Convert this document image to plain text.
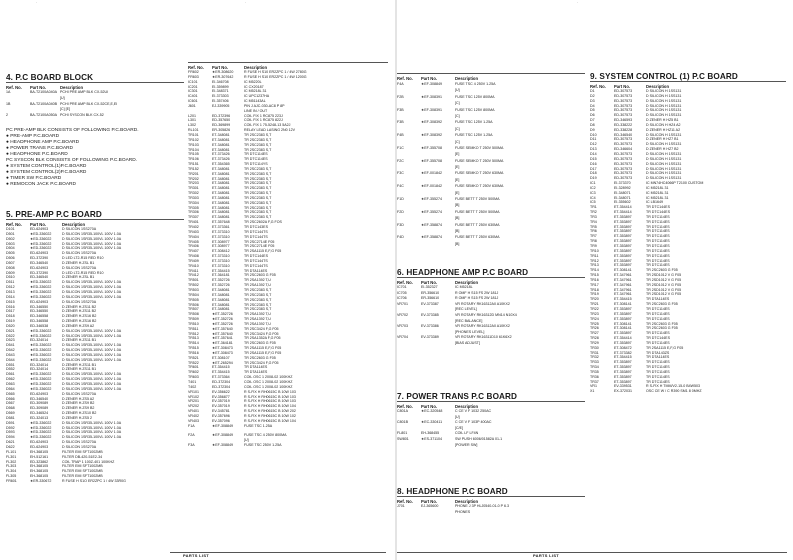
·	·
4. P.C BOARD BLOCK
Ref. No.	Part No.	Description
1A	BA-T2100A040A PCHI PRE AMP BLK CX-52UI
[U]
1B	BA-T2100A040B PCHI PRE AMP BLK CX-52CE,E,EI
[C] [E]
2	BA-T2100A050A PCHI SYSCON BLK CX-52
PC PRE-AMP BLK CONSISTS OF FOLLOWING P.C.BOARD.
● PRE-AMP P.C.BOARD
● HEADPHONE AMP P.C.BOARD
● POWER TRANS P.C.BOARD
● HEADPHONE P.C.BOARD
PC SYSCON BLK CONSISTS OF FOLLOWING P.C.BOARD.
● SYSTEM CONTROL(1)P.C.BOARD
● SYSTEM CONTROL(2)P.C.BOARD
● TIMER SW P.C.BOARD
● REMOCON JACK P.C.BOARD
5. PRE-AMP P.C BOARD
Ref. No.	Part No.	Description
D101	ED-624903	D SILICON 1SS270A
D501	★ED-336022	D SILICON 1SR35-100VL 100V 1.0A
D502	★ED-336022	D SILICON 1SR35-100VL 100V 1.0A
D503	★ED-336022	D SILICON 1SR35-100VL 100V 1.0A
D504	★ED-336022	D SILICON 1SR35-100VL 100V 1.0A
D505	ED-624903	D SILICON 1SS270A
D506	ED-372390	D LED LT2-R15 RED R10
D507	ED-346540	D ZENER H.ZSL B1
D508	ED-624903	D SILICON 1SS270A
D509	ED-372390	D LED LT2-R15 RED R10
D510	ED-346540	D ZENER H.ZSL B1
D511	★ED-336022	D SILICON 1SR35-100VL 100V 1.0A
D512	★ED-336022	D SILICON 1SR35-100VL 100V 1.0A
D513	★ED-336022	D SILICON 1SR35-100VL 100V 1.0A
D514	★ED-336022	D SILICON 1SR35-100VL 100V 1.0A
D515	ED-624903	D SILICON 1SS270A
D516	ED-346550	D ZENER H.ZS11 B2
D517	ED-346550	D ZENER H.ZS11 B2
D518	ED-346558	D ZENER H.ZS16 B2
D519	ED-346558	D ZENER H.ZS16 B2
D520	ED-346538	D ZENER H.ZS9 A2
D521	★ED-336022	D SILICON 1SR35-100VL 100V 1.0A
D522	★ED-336022	D SILICON 1SR35-100VL 100V 1.0A
D523	ED-324014	D ZENER H.ZS11 B1
D541	★ED-336022	D SILICON 1SR35-100VL 100V 1.0A
D542	★ED-336022	D SILICON 1SR35-100VL 100V 1.0A
D543	★ED-336022	D SILICON 1SR35-100VL 100V 1.0A
D544	★ED-336022	D SILICON 1SR35-100VL 100V 1.0A
D551	ED-324014	D ZENER H.ZS11 B1
D552	ED-324014	D ZENER H.ZS11 B1
D561	★ED-336022	D SILICON 1SR35-100VL 100V 1.0A
D562	★ED-336022	D SILICON 1SR35-100VL 100V 1.0A
D563	★ED-336022	D SILICON 1SR35-100VL 100V 1.0A
D564	★ED-336022	D SILICON 1SR35-100VL 100V 1.0A
D565	ED-624903	D SILICON 1SS270A
D566	ED-346540	D ZENER H.ZS5 A2
D567	ED-309089	D ZENER H.ZS9 B2
D568	ED-309089	D ZENER H.ZS9 B2
D569	ED-346524	D ZENER H.ZS10 B2
D581	ED-324013	D ZENER H.ZS5 2
D591	★ED-336022	D SILICON 1SR35-100VL 100V 1.0A
D592	★ED-336022	D SILICON 1SR35-100VL 100V 1.0A
D593	★ED-336022	D SILICON 1SR35-100VL 100V 1.0A
D594	★ED-336022	D SILICON 1SR35-100VL 100V 1.0A
D621	ED-624903	D SILICON 1SS270A
D622	ED-624903	D SILICON 1SS270A
FL101	EH-368105	FILTER EMI SFT1002MB
FL301	EH-512161	FILTER DB-420-51E2-34
FL302	ED-323862	COIL TRAP 1 100Z-401 100KHZ
FL303	EH-368105	FILTER EMI SFT1002MB
FL304	EH-368105	FILTER EMI SFT1002MB
FL305	EH-368105	FILTER EMI SFT1002MB
FR601	★ER-330672	R FUSE H S1O ER2ZPC 1 / 4W 33R0G
Ref. No.	Part No.	Description
FR602	★ER-308620	R FUSE H S10 ER2ZPC 1 / 4W 2780G
FR603	★ER-307642	R FUSE H S10 ER2ZPC 1 / 4W 1200G
IC101	EI-346708	IC M5220L
IC201	EI-359899	IC CX20187
IC301	EI-348371	IC M5218L 31
IC401	EI-373303	IC UPC1237HA
IC601	EI-357406	IC M51143AL
J601	EJ-339905	PIN J AJC-030-AC8 P 8P
LINE IN / OUT
L201	ED-372396	COIL FIX 1 RC875 223J
L301	ED-357650	COIL FIX 1 RC875 822J
L302	ED-369899	COIL FIX 1 75-5248-13 5A2J
RL101	ER-305826	RELAY LEAD LASING 2N0 12V
TR101	ET-348081	TR 2SC2383 S,T
TR102	ET-348081	TR 2SC2383 S,T
TR103	ET-348081	TR 2SC2383 S,T
TR104	ET-348081	TR 2SC2383 S,T
TR105	ET-373426	TR DTC114ES
TR106	ET-373426	TR DTC114ES
TR151	ET-354365	TR DTC114YS
TR152	ET-348081	TR 2SC2383 S,T
TR201	ET-348081	TR 2SC2383 S,T
TR202	ET-348081	TR 2SC2383 S,T
TR203	ET-348081	TR 2SC2383 S,T
TR301	ET-348081	TR 2SC2383 S,T
TR302	ET-348081	TR 2SC2383 S,T
TR303	ET-348081	TR 2SC2383 S,T
TR304	ET-348081	TR 2SC2383 S,T
TR305	ET-348081	TR 2SC2383 S,T
TR306	ET-348081	TR 2SC2383 S,T
TR307	ET-348081	TR 2SC2383 S,T
TR401	ET-357648	TR 2SC2602A F,G FOS
TR402	ET-373361	TR DTC143ES
TR403	ET-373310	TR DTC144TS
TR404	ET-373310	TR DTC144TS
TR405	ET-308977	TR 2SC2714E F05
TR406	ET-308977	TR 2SC2714E F05
TR407	ET-308412	TR 2SA1115 E,F,G F05
TR408	ET-373310	TR DTC144ES
TR409	ET-373310	TR DTC144TS
TR410	ET-373310	TR DTC144TS
TR411	ET-354415	TR DTA114ES
TR412	ET-364181	TR 2SC2603 G F05
TR501	ET-352726	TR 2SA1392 T,U
TR502	ET-352726	TR 2SA1392 T,U
TR503	ET-348081	TR 2SC2383 S,T
TR504	ET-348081	TR 2SC2383 S,T
TR505	ET-348081	TR 2SC2383 S,T
TR506	ET-348081	TR 2SC2383 S,T
TR507	ET-348081	TR 2SC2383 S,T
TR508	★ET-352726	TR 2SA1392 T,U
TR509	★ET-352726	TR 2SA1392 T,U
TR510	★ET-352726	TR 2SA1392 T,U
TR511	★ET-357640	TR 2SC3424 F,G F05
TR512	★ET-357640	TR 2SC3424 F,G F05
TR513	★ET-357641	TR 2SA1352A F,G F05
TR514	★ET-364181	TR 2SC2603 G F05
TR515	★ET-308473	TR 2SA1115 E,F,G F05
TR516	★ET-308473	TR 2SA1115 E,F,G F05
TR521	ET-308107	TR 2SC2603 G F05
TR522	★ET-265294	TR 2SC3424 F,G F05
TR601	ET-354415	TR DTA114ES
TR602	ET-354415	TR DTA114ES
TR603	ET-373364	COIL OSC 1 2008-02 100KHZ
T401	ED-372304	COIL OSC 1 2008-02 100KHZ
T402	ED-372304	COIL OSC 1 2008-02 100KHZ
VR101	EV-356622	R S-FIX H RH0615C B 10W 103
VR102	EV-356877	R S-FIX H RH0615C B 10W 103
VR201	EV-357019	R S-FIX H RH0615C B 10W 103
VR202	EV-357019	R S-FIX H RH0615C B 10W 104
VR401	EV-345781	R S-FIX H RH0615C B 10W 202
VR402	EV-357696	R S-FIX H RH0615C B 10W 102
VR403	EV-357096	R S-FIX H RH0615C B 10W 104
F1A	★EF-308849	FUSE TSC 1.25A
F2A	★EF-308849	FUSE TSC 4 250V 800MA
[U]
F3A	★EF-308849	FUSE TSC 250V 1.25A
PARTS LIST
·
Ref. No.	Part No.	Description
F4A	★EF-308849	FUSE TSC 4 250V 1.25A
[U]
F2B	★EF-308391	FUSE TSC 125V 800MA
[C]
F3B	★EF-308391	FUSE TSC 125V 800MA
[C]
F3B	★EF-308392	FUSE TSC 125V 1.25A
[C]
F4B	★EF-308392	FUSE TSC 125V 1.25A
[C]
F1C	★EF-355708	FUSE SEMKO T 250V 500MA
[E]
F2C	★EF-355708	FUSE SEMKO T 250V 500MA
[E]
F3C	★EF-001842	FUSE SEMKO T 250V 630MA
[E]
F4C	★EF-001842	FUSE SEMKO T 250V 630MA
[E]
F1D	★EF-355274	FUSE BETT T 250V 500MA
[B]
F2D	★EF-355274	FUSE BETT T 250V 500MA
[B]
F3D	★EF-358874	FUSE BETT T 250V 630MA
[B]
F4D	★EF-358874	FUSE BETT T 250V 630MA
[B]
6. HEADPHONE AMP P.C BOARD
Ref. No.	Part No.	Description
IC701	EI-352327	IC M5218L
IC705	ER-356610	R OMF H S15 FS 2W 181J
IC706	ER-356610	R OMF H S15 FS 2W 181J
VR701	EV-373387	VR ROTARY RK16312A0 A10KX2
[REC LEVEL]
VR702	EV-373385	VR ROTARY RK16312D MN14 N10X4
[REC BALANCE]
VR703	EV-373386	VR ROTARY RK16312A0 A10KX2
[PHONES LEVEL]
VR704	EV-373389	VR ROTARY RK16311D10 61K6X2
[BIAS ADJUST]
7. POWER TRANS P.C BOARD
Ref. No.	Part No.	Description
C801A	★EC-320548	C CE V F 1032 250AC
[U]
C801B	★EC-330411	C CE V F 103P 400AC
[C/E]
FL801	EH-368455	COIL LF LF4N
SW801	★ES-371104	SW PUSH 6006/01582A 01-1
[POWER SW]
8. HEADPHONE P.C BOARD
Ref. No.	Part No.	Description
J701	EJ-365600	PHONE J 3P HLJ0540-01-0 P 6.3
PHONES
9. SYSTEM CONTROL (1) P.C BOARD
Ref. No.	Part No.	Description
D1	ED-307573	D SILICON H 1SS131
D2	ED-307573	D SILICON H 1SS131
D3	ED-307573	D SILICON H 1SS131
D4	ED-307573	D SILICON H 1SS131
D5	ED-307573	D SILICON H 1SS131
D6	ED-307573	D SILICON H 1SS131
D7	ED-346593	D ZENER H HZ5 B1
D8	ED-338222	D SILICON H HZ4 A2
D9	ED-338228	D ZENER H HZ11 A2
D10	ED-346540	D SILICON H 1SS131
D11	ED-307573	D ZENER H HZ7 B1
D12	ED-307573	D SILICON H 1SS131
D13	ED-346604	D ZENER H HZ7 B2
D14	ED-307573	D SILICON H 1SS131
D15	ED-307573	D SILICON H 1SS131
D16	ED-307573	D SILICON H 1SS131
D17	ED-307573	D SILICON H 1SS131
D18	ED-307573	D SILICON H 1SS131
D19	ED-307573	D SILICON H 1SS131
IC1	EI-373370	IC MN74HC4066P T2100 CUSTOM
IC2	EI-328992	IC M5218L 31
IC3	EI-348071	IC M5218L 31
IC4	EI-348071	IC M5218L 31
IC5	EI-355602	IC LB1649
TR1	ET-354414	TR DTC144ES
TR2	ET-354414	TR DTC144ES
TR3	ET-353897	TR DTC114ES
TR4	ET-353897	TR DTC114ES
TR5	ET-353897	TR DTC114ES
TR6	ET-353897	TR DTC114ES
TR7	ET-353897	TR DTC114ES
TR8	ET-353897	TR DTC114ES
TR9	ET-353897	TR DTC114ES
TR10	ET-353897	TR DTC114ES
TR11	ET-353897	TR DTC114ES
TR12	ET-353897	TR DTC114ES
TR13	ET-353897	TR DTC114ES
TR14	ET-308141	TR 2SC2603 G F05
TR15	ET-347961	TR 2SD1012 V G F05
TR16	ET-347961	TR 2SD1012 V G F05
TR17	ET-347961	TR 2SD1012 V G F05
TR18	ET-347961	TR 2SD1012 V G F05
TR19	ET-347961	TR 2SD1012 V G F05
TR20	ET-354415	TR DTA114ES
TR21	ET-308141	TR 2SC2603 G F05
TR22	ET-353897	TR DTC114ES
TR23	ET-353897	TR DTC114ES
TR24	ET-353897	TR DTC114ES
TR25	ET-308141	TR 2SC2603 G F05
TR26	ET-308141	TR 2SC2603 G F05
TR27	ET-353897	TR DTC114ES
TR28	ET-354414	TR DTC144ES
TR29	ET-353897	TR DTC114ES
TR30	ET-308472	TR 2SA1115 E,F,G F05
TR31	ET-373382	TR DTA143ZS
TR32	ET-354415	TR DTA114ES
TR33	ET-353897	TR DTC114ES
TR34	ET-353897	TR DTC114ES
TR35	ET-353897	TR DTC114ES
TR36	ET-353897	TR DTC114ES
TR37	ET-353897	TR DTC114ES
VR1	EV-339531	R S-FIX H TMM/V2-15-0 B4W503
X1	EX-372031	OSC CE W / C R390 SM1 8 0MHZ
PARTS LIST
